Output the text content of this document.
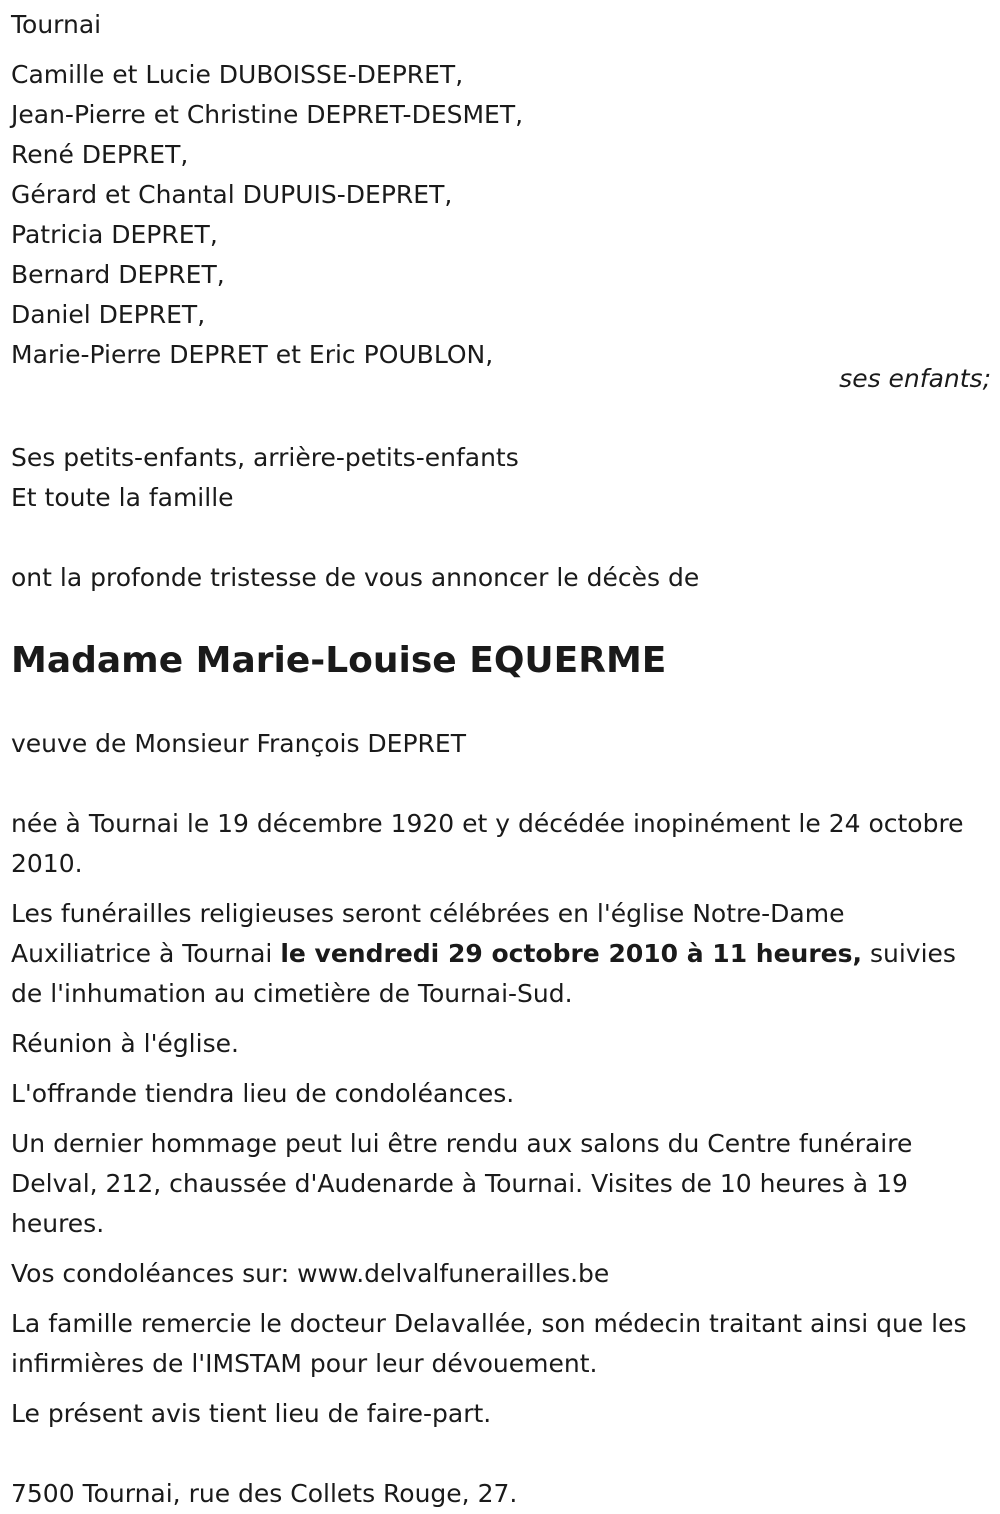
Tournai

Camille et Lucie DUBOISSE-DEPRET,

Jean-Pierre et Christine DEPRET-DESMET,

René DEPRET,

Gérard et Chantal DUPUIS-DEPRET,

Patricia DEPRET,

Bernard DEPRET,

Daniel DEPRET,

Marie-Pierre DEPRET et Eric POUBLON,

ses enfants;

Ses petits-enfants, arrière-petits-enfants

Et toute la famille

ont la profonde tristesse de vous annoncer le décès de

Madame Marie-Louise EQUERME

veuve de Monsieur François DEPRET

née à Tournai le 19 décembre 1920 et y décédée inopinément le 24 octobre 2010.

Les funérailles religieuses seront célébrées en l'église Notre-Dame Auxiliatrice à Tournai le vendredi 29 octobre 2010 à 11 heures, suivies de l'inhumation au cimetière de Tournai-Sud.

Réunion à l'église.

L'offrande tiendra lieu de condoléances.

Un dernier hommage peut lui être rendu aux salons du Centre funéraire Delval, 212, chaussée d'Audenarde à Tournai. Visites de 10 heures à 19 heures.

Vos condoléances sur: www.delvalfunerailles.be

La famille remercie le docteur Delavallée, son médecin traitant ainsi que les infirmières de l'IMSTAM pour leur dévouement.

Le présent avis tient lieu de faire-part.

7500 Tournai, rue des Collets Rouge, 27.
